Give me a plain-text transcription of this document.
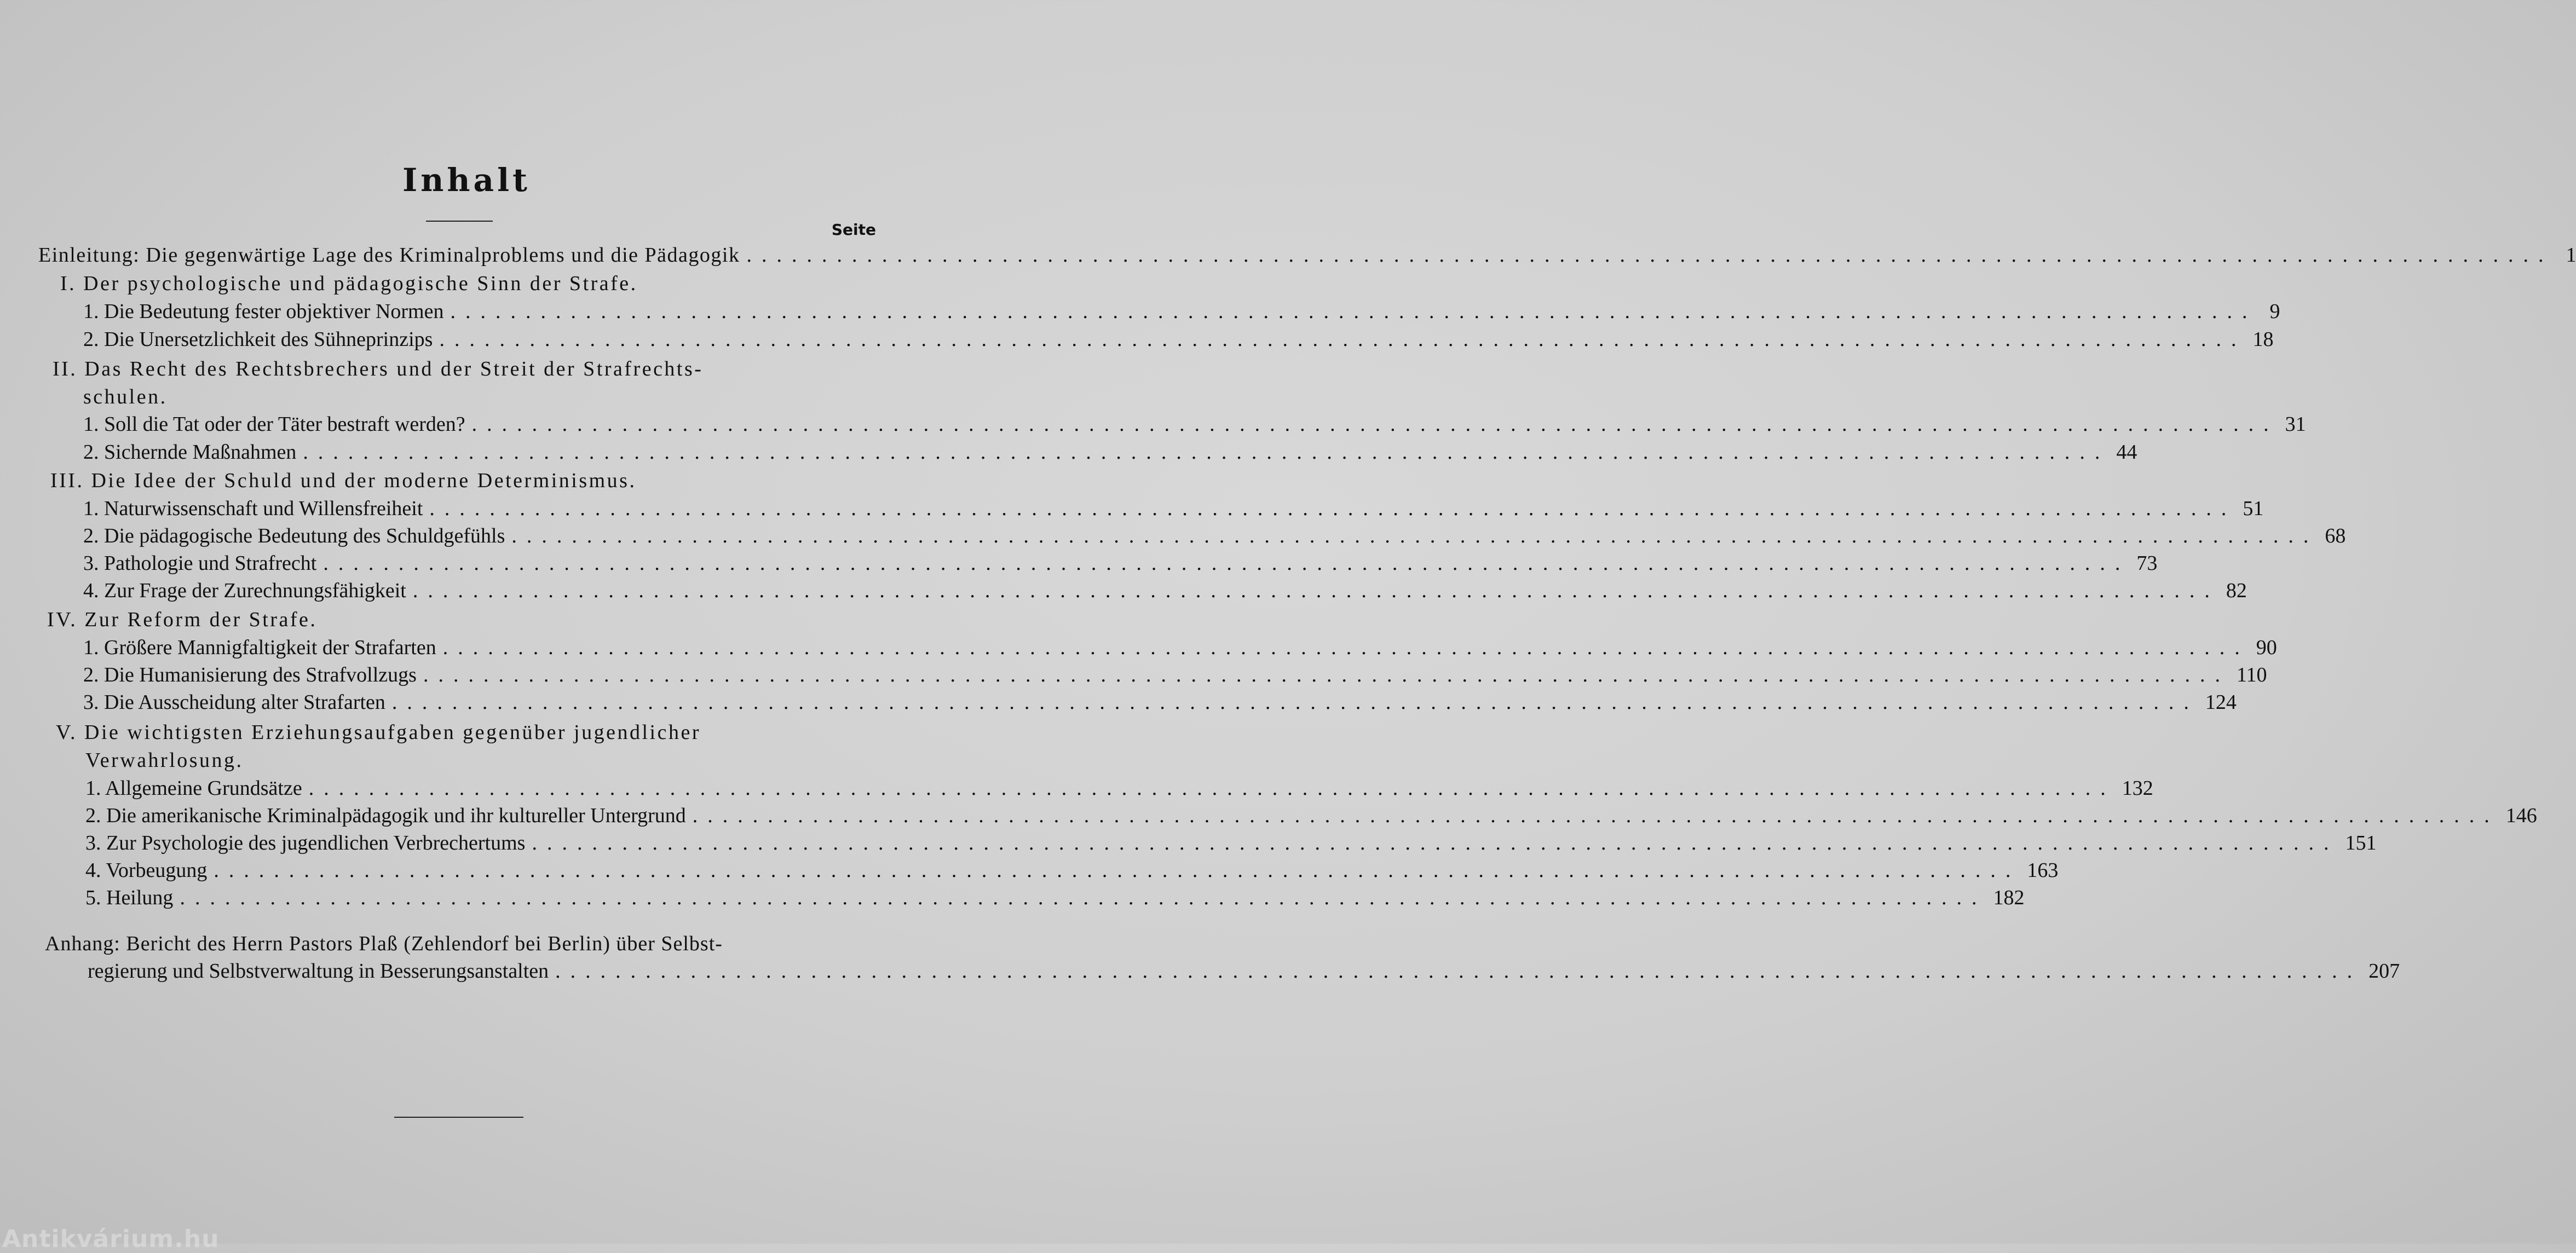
Inhalt
Seite
Einleitung: Die gegenwärtige Lage des Kriminalproblems und die Pädagogik ........................................................................................................................ 1
I. Der psychologische und pädagogische Sinn der Strafe.
1. Die Bedeutung fester objektiver Normen ........................................................................................................................ 9
2. Die Unersetzlichkeit des Sühneprinzips ........................................................................................................................ 18
II. Das Recht des Rechtsbrechers und der Streit der Strafrechts-
schulen.
1. Soll die Tat oder der Täter bestraft werden? ........................................................................................................................ 31
2. Sichernde Maßnahmen ........................................................................................................................ 44
III. Die Idee der Schuld und der moderne Determinismus.
1. Naturwissenschaft und Willensfreiheit ........................................................................................................................ 51
2. Die pädagogische Bedeutung des Schuldgefühls ........................................................................................................................ 68
3. Pathologie und Strafrecht ........................................................................................................................ 73
4. Zur Frage der Zurechnungsfähigkeit ........................................................................................................................ 82
IV. Zur Reform der Strafe.
1. Größere Mannigfaltigkeit der Strafarten ........................................................................................................................ 90
2. Die Humanisierung des Strafvollzugs ........................................................................................................................ 110
3. Die Ausscheidung alter Strafarten ........................................................................................................................ 124
V. Die wichtigsten Erziehungsaufgaben gegenüber jugendlicher
Verwahrlosung.
1. Allgemeine Grundsätze ........................................................................................................................ 132
2. Die amerikanische Kriminalpädagogik und ihr kultureller Untergrund ........................................................................................................................ 146
3. Zur Psychologie des jugendlichen Verbrechertums ........................................................................................................................ 151
4. Vorbeugung ........................................................................................................................ 163
5. Heilung ........................................................................................................................ 182
Anhang: Bericht des Herrn Pastors Plaß (Zehlendorf bei Berlin) über Selbst-
regierung und Selbstverwaltung in Besserungsanstalten ........................................................................................................................ 207
Antikvárium.hu
